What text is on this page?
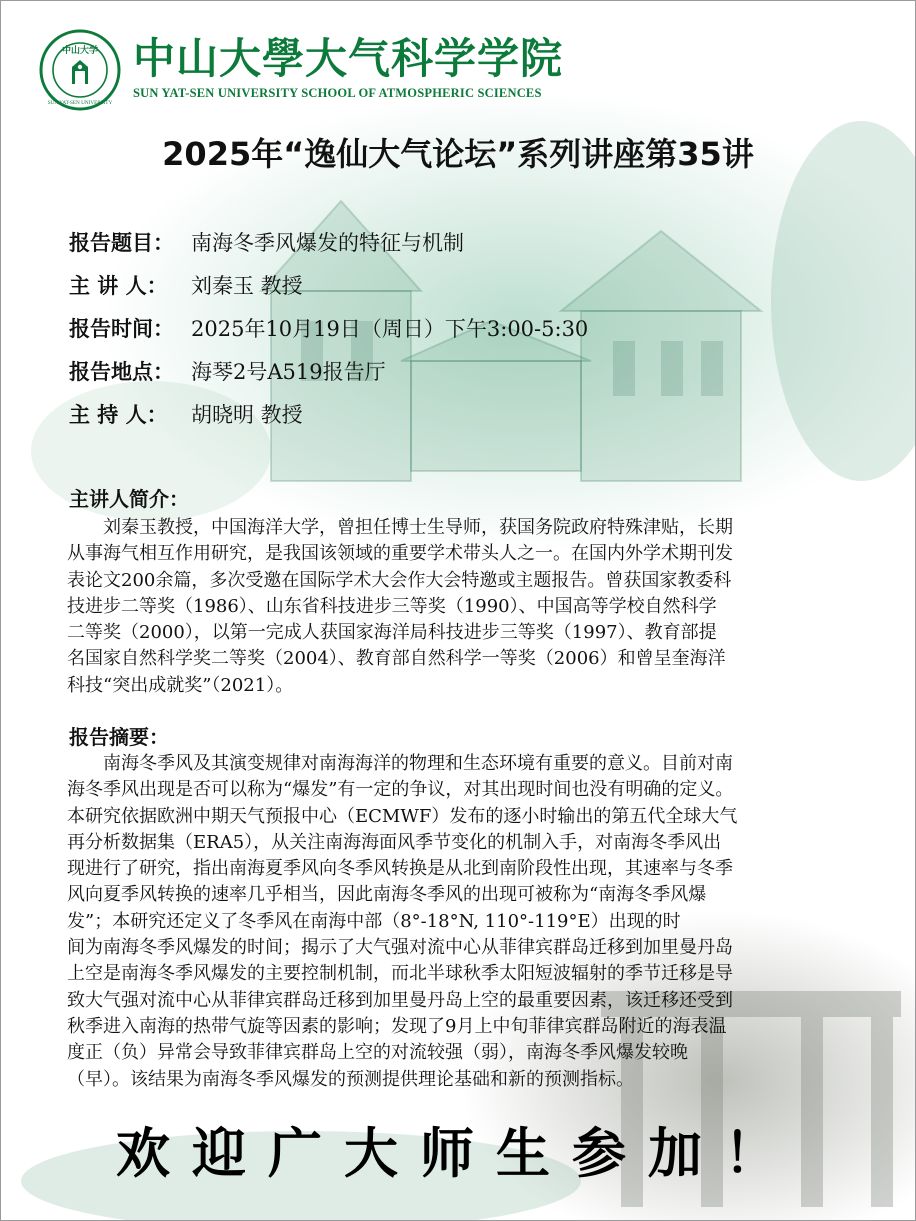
中山大学
SUN YAT-SEN UNIVERSITY
中山大學大气科学学院
SUN YAT-SEN UNIVERSITY SCHOOL OF ATMOSPHERIC SCIENCES
2025年“逸仙大气论坛”系列讲座第35讲
报告题目： 南海冬季风爆发的特征与机制
主 讲 人： 刘秦玉 教授
报告时间： 2025年10月19日（周日）下午3:00-5:30
报告地点： 海琴2号A519报告厅
主 持 人： 胡晓明 教授
主讲人简介：
刘秦玉教授，中国海洋大学，曾担任博士生导师，获国务院政府特殊津贴，长期
从事海气相互作用研究，是我国该领域的重要学术带头人之一。在国内外学术期刊发
表论文200余篇，多次受邀在国际学术大会作大会特邀或主题报告。曾获国家教委科
技进步二等奖（1986）、山东省科技进步三等奖（1990）、中国高等学校自然科学
二等奖（2000），以第一完成人获国家海洋局科技进步三等奖（1997）、教育部提
名国家自然科学奖二等奖（2004）、教育部自然科学一等奖（2006）和曾呈奎海洋
科技“突出成就奖”（2021）。
报告摘要：
南海冬季风及其演变规律对南海海洋的物理和生态环境有重要的意义。目前对南
海冬季风出现是否可以称为“爆发”有一定的争议，对其出现时间也没有明确的定义。
本研究依据欧洲中期天气预报中心（ECMWF）发布的逐小时输出的第五代全球大气
再分析数据集（ERA5），从关注南海海面风季节变化的机制入手，对南海冬季风出
现进行了研究，指出南海夏季风向冬季风转换是从北到南阶段性出现，其速率与冬季
风向夏季风转换的速率几乎相当，因此南海冬季风的出现可被称为“南海冬季风爆
发”；本研究还定义了冬季风在南海中部（8°-18°N, 110°-119°E）出现的时
间为南海冬季风爆发的时间；揭示了大气强对流中心从菲律宾群岛迁移到加里曼丹岛
上空是南海冬季风爆发的主要控制机制，而北半球秋季太阳短波辐射的季节迁移是导
致大气强对流中心从菲律宾群岛迁移到加里曼丹岛上空的最重要因素，该迁移还受到
秋季进入南海的热带气旋等因素的影响；发现了9月上中旬菲律宾群岛附近的海表温
度正（负）异常会导致菲律宾群岛上空的对流较强（弱），南海冬季风爆发较晚
（早）。该结果为南海冬季风爆发的预测提供理论基础和新的预测指标。
欢迎广大师生参加！
